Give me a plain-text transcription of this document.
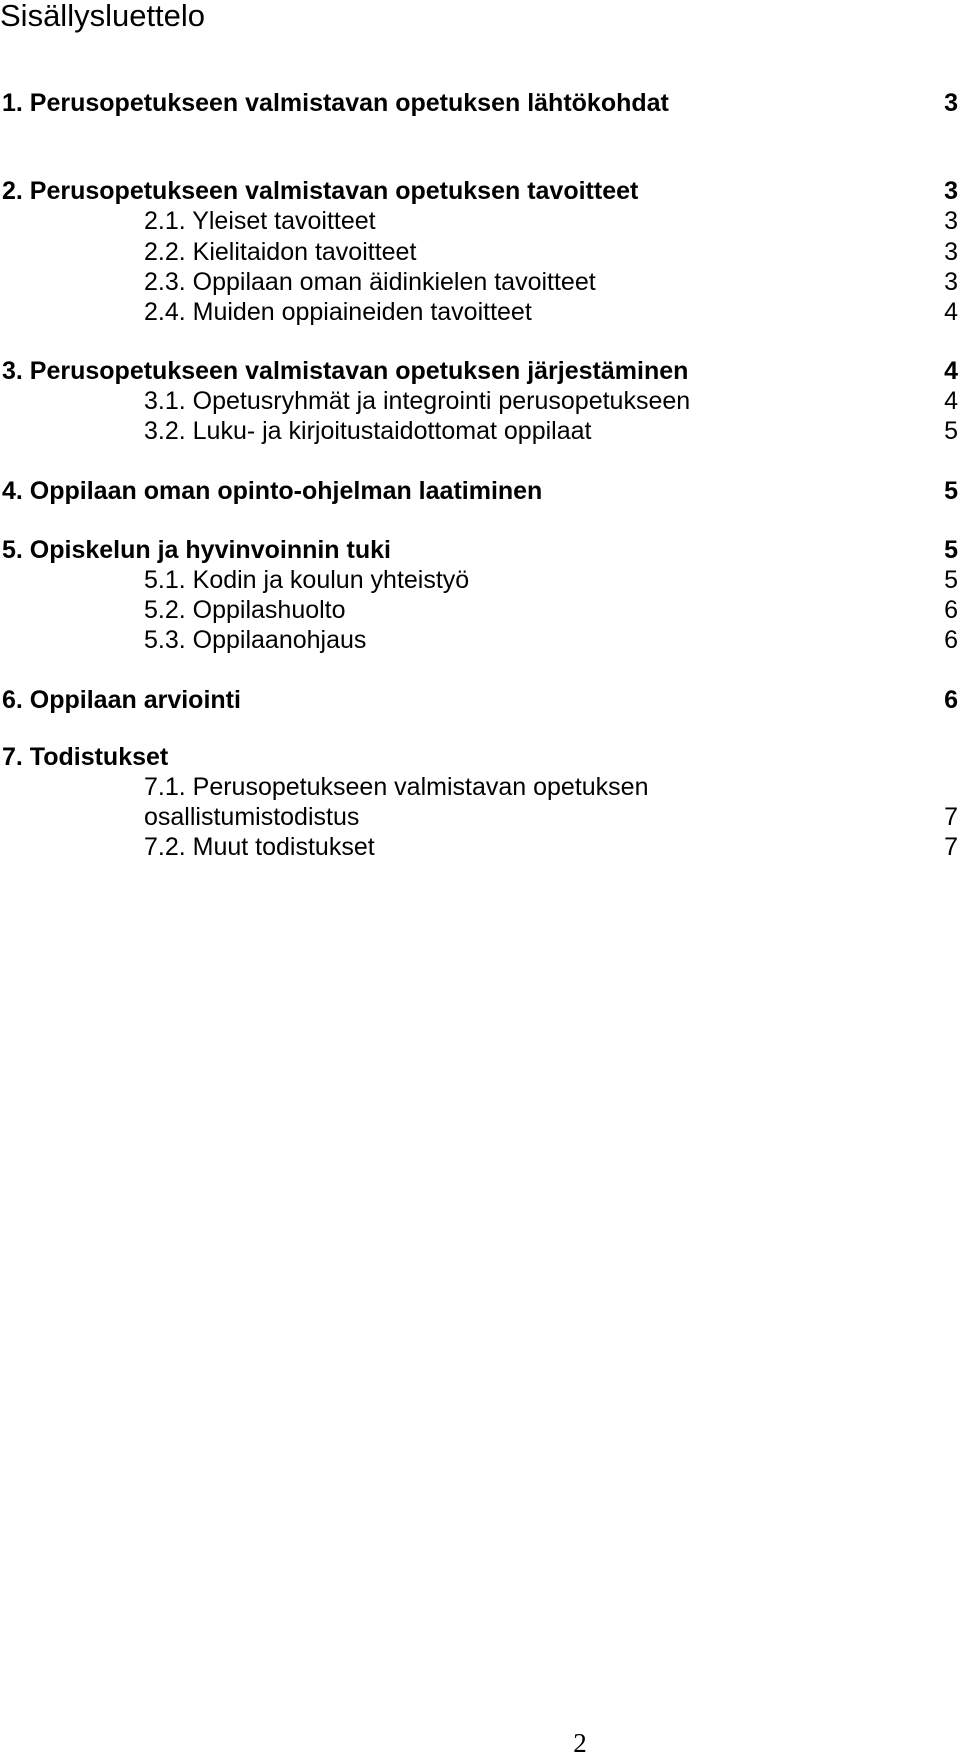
Sisällysluettelo
1. Perusopetukseen valmistavan opetuksen lähtökohdat	3
2. Perusopetukseen valmistavan opetuksen tavoitteet	3
2.1. Yleiset tavoitteet	3
2.2. Kielitaidon tavoitteet	3
2.3. Oppilaan oman äidinkielen tavoitteet	3
2.4. Muiden oppiaineiden tavoitteet	4
3. Perusopetukseen valmistavan opetuksen järjestäminen	4
3.1. Opetusryhmät ja integrointi perusopetukseen	4
3.2. Luku- ja kirjoitustaidottomat oppilaat	5
4. Oppilaan oman opinto-ohjelman laatiminen	5
5. Opiskelun ja hyvinvoinnin tuki	5
5.1. Kodin ja koulun yhteistyö	5
5.2. Oppilashuolto	6
5.3. Oppilaanohjaus	6
6. Oppilaan arviointi	6
7. Todistukset
7.1. Perusopetukseen valmistavan opetuksen
osallistumistodistus	7
7.2. Muut todistukset	7
2
